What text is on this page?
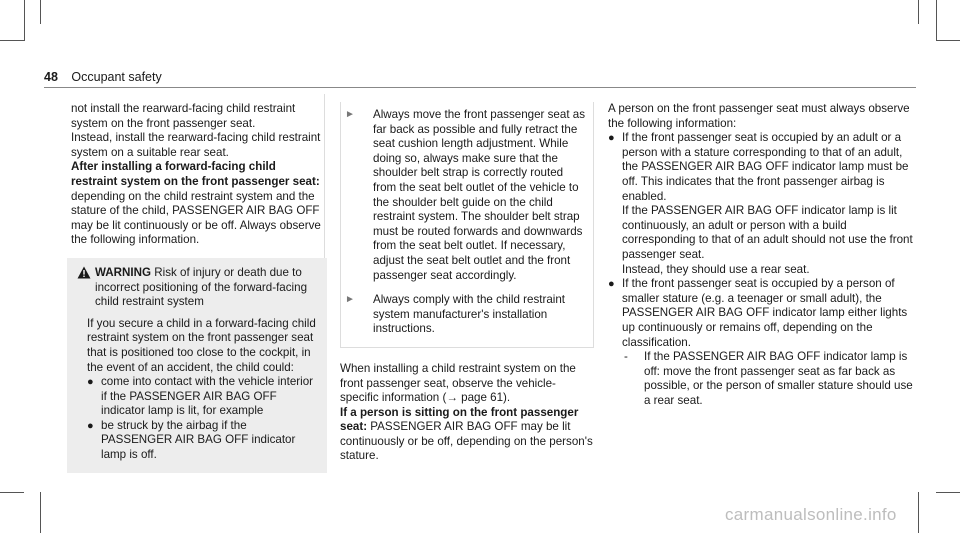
48 Occupant safety

not install the rearward-facing child restraint system on the front passenger seat.

Instead, install the rearward-facing child restraint system on a suitable rear seat.

After installing a forward-facing child restraint system on the front passenger seat: depending on the child restraint system and the stature of the child, PASSENGER AIR BAG OFF may be lit continuously or be off. Always observe the following information.

WARNING Risk of injury or death due to incorrect positioning of the forward-facing child restraint system

If you secure a child in a forward-facing child restraint system on the front passenger seat that is positioned too close to the cockpit, in the event of an accident, the child could:

● come into contact with the vehicle interior if the PASSENGER AIR BAG OFF indicator lamp is lit, for example
● be struck by the airbag if the PASSENGER AIR BAG OFF indicator lamp is off.
►	Always move the front passenger seat as far back as possible and fully retract the seat cushion length adjustment. While doing so, always make sure that the shoulder belt strap is correctly routed from the seat belt outlet of the vehicle to the shoulder belt guide on the child restraint system. The shoulder belt strap must be routed forwards and downwards from the seat belt outlet. If necessary, adjust the seat belt outlet and the front passenger seat accordingly.
►	Always comply with the child restraint system manufacturer's installation instructions.

When installing a child restraint system on the front passenger seat, observe the vehicle-specific information (→ page 61).

If a person is sitting on the front passenger seat: PASSENGER AIR BAG OFF may be lit continuously or be off, depending on the person's stature.

A person on the front passenger seat must always observe the following information:

● If the front passenger seat is occupied by an adult or a person with a stature corresponding to that of an adult, the PASSENGER AIR BAG OFF indicator lamp must be off. This indicates that the front passenger airbag is enabled.

If the PASSENGER AIR BAG OFF indicator lamp is lit continuously, an adult or person with a build corresponding to that of an adult should not use the front passenger seat.

Instead, they should use a rear seat.

● If the front passenger seat is occupied by a person of smaller stature (e.g. a teenager or small adult), the PASSENGER AIR BAG OFF indicator lamp either lights up continuously or remains off, depending on the classification.

-	If the PASSENGER AIR BAG OFF indicator lamp is off: move the front passenger seat as far back as possible, or the person of smaller stature should use a rear seat.
carmanualsonline.info
